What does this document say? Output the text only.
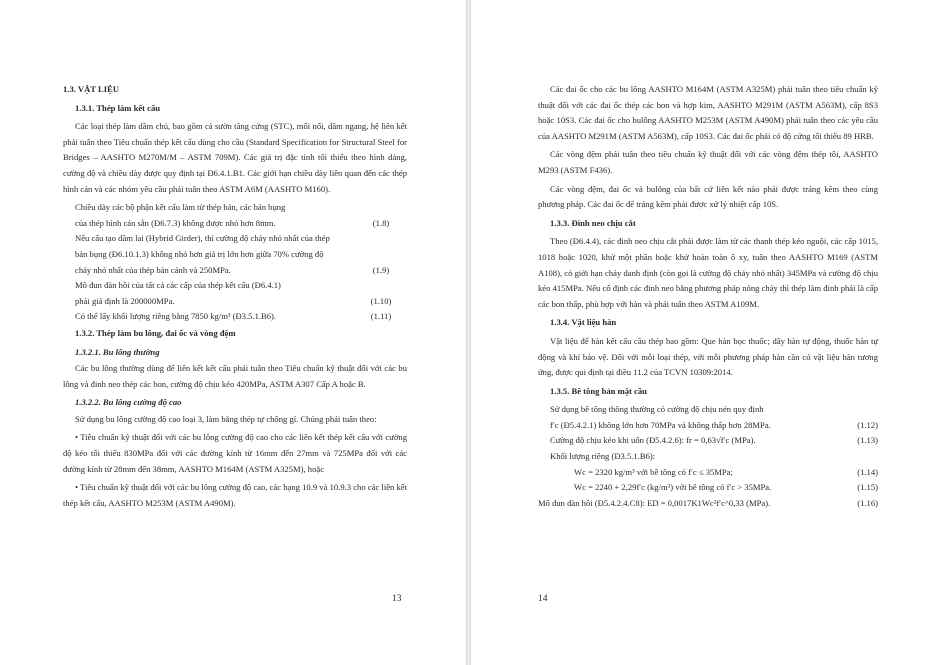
1.3. VẬT LIỆU

1.3.1. Thép làm kết cấu

Các loại thép làm dầm chủ, bao gồm cả sườn tăng cứng (STC), mối nối, dầm ngang, hệ liên kết phải tuân theo Tiêu chuẩn thép kết cấu dùng cho cầu (Standard Specification for Structural Steel for Bridges – AASHTO M270M/M – ASTM 709M). Các giá trị đặc tính tối thiểu theo hình dáng, cường độ và chiều dày được quy định tại Đ6.4.1.B1. Các giới hạn chiều dày liên quan đến các thép hình cán và các nhóm yêu cầu phải tuân theo ASTM A6M (AASHTO M160).

Chiều dày các bộ phận kết cấu làm từ thép bản, các bản bụng

của thép hình cán sẵn (Đ6.7.3) không được nhỏ hơn 8mm.	(1.8)

Nếu cấu tạo dầm lai (Hybrid Girder), thì cường độ chảy nhỏ nhất của thép

bản bụng (Đ6.10.1.3) không nhỏ hơn giá trị lớn hơn giữa 70% cường độ

chảy nhỏ nhất của thép bản cánh và 250MPa.	(1.9)

Mô đun đàn hồi của tất cả các cấp của thép kết cấu (Đ6.4.1)

phải giả định là 200000MPa.	(1.10)
Có thể lấy khối lượng riêng bằng 7850 kg/m³ (Đ3.5.1.B6).	(1.11)

1.3.2. Thép làm bu lông, đai ốc và vòng đệm

1.3.2.1. Bu lông thường

Các bu lông thường dùng để liên kết kết cấu phải tuân theo Tiêu chuẩn kỹ thuật đối với các bu lông và đinh neo thép các bon, cường độ chịu kéo 420MPa, ASTM A307 Cấp A hoặc B.

1.3.2.2. Bu lông cường độ cao

Sử dụng bu lông cường độ cao loại 3, làm bằng thép tự chống gỉ. Chúng phải tuân theo:

• Tiêu chuẩn kỹ thuật đối với các bu lông cường độ cao cho các liên kết thép kết cấu với cường độ kéo tối thiểu 830MPa đối với các đường kính từ 16mm đến 27mm và 725MPa đối với các đường kính từ 28mm đến 38mm, AASHTO M164M (ASTM A325M), hoặc

• Tiêu chuẩn kỹ thuật đối với các bu lông cường độ cao, các hạng 10.9 và 10.9.3 cho các liên kết thép kết cấu, AASHTO M253M (ASTM A490M).

13

Các đai ốc cho các bu lông AASHTO M164M (ASTM A325M) phải tuân theo tiêu chuẩn kỹ thuật đối với các đai ốc thép các bon và hợp kim, AASHTO M291M (ASTM A563M), cấp 8S3 hoặc 10S3. Các đai ốc cho bulông AASHTO M253M (ASTM A490M) phải tuân theo các yêu cầu của AASHTO M291M (ASTM A563M), cấp 10S3. Các đai ốc phải có độ cứng tối thiểu 89 HRB.

Các vòng đệm phải tuân theo tiêu chuẩn kỹ thuật đối với các vòng đệm thép tôi, AASHTO M293 (ASTM F436).

Các vòng đệm, đai ốc và bulông của bất cứ liên kết nào phải được tráng kẽm theo cùng phương pháp. Các đai ốc để tráng kẽm phải được xử lý nhiệt cấp 10S.

1.3.3. Đinh neo chịu cắt

Theo (Đ6.4.4), các đinh neo chịu cắt phải được làm từ các thanh thép kéo nguội, các cấp 1015, 1018 hoặc 1020, khử một phần hoặc khử hoàn toàn ô xy, tuân theo AASHTO M169 (ASTM A108), có giới hạn chảy danh định (còn gọi là cường độ chảy nhỏ nhất) 345MPa và cường độ chịu kéo 415MPa. Nếu cố định các đinh neo bằng phương pháp nóng chảy thì thép làm đinh phải là cấp các bon thấp, phù hợp với hàn và phải tuân theo ASTM A109M.

1.3.4. Vật liệu hàn

Vật liệu để hàn kết cấu cầu thép bao gồm: Que hàn bọc thuốc; dây hàn tự động, thuốc hàn tự động và khí bảo vệ. Đối với mỗi loại thép, với mỗi phương pháp hàn cần có vật liệu hàn tương ứng, được qui định tại điều 11.2 của TCVN 10309:2014.

1.3.5. Bê tông bản mặt cầu

Sử dụng bê tông thông thường có cường độ chịu nén quy định

f′c (Đ5.4.2.1) không lớn hơn 70MPa và không thấp hơn 28MPa.	(1.12)
Cường độ chịu kéo khi uốn (Đ5.4.2.6): fr = 0,63√f′c (MPa).	(1.13)

Khối lượng riêng (Đ3.5.1.B6):

Wc = 2320 kg/m³ với bê tông có f′c ≤ 35MPa;	(1.14)
Wc = 2240 + 2,29f′c (kg/m³) với bê tông có f′c > 35MPa.	(1.15)
Mô đun đàn hồi (Đ5.4.2.4.C8): ED = 0,0017K1Wc²f′c^0,33 (MPa).	(1.16)
14
